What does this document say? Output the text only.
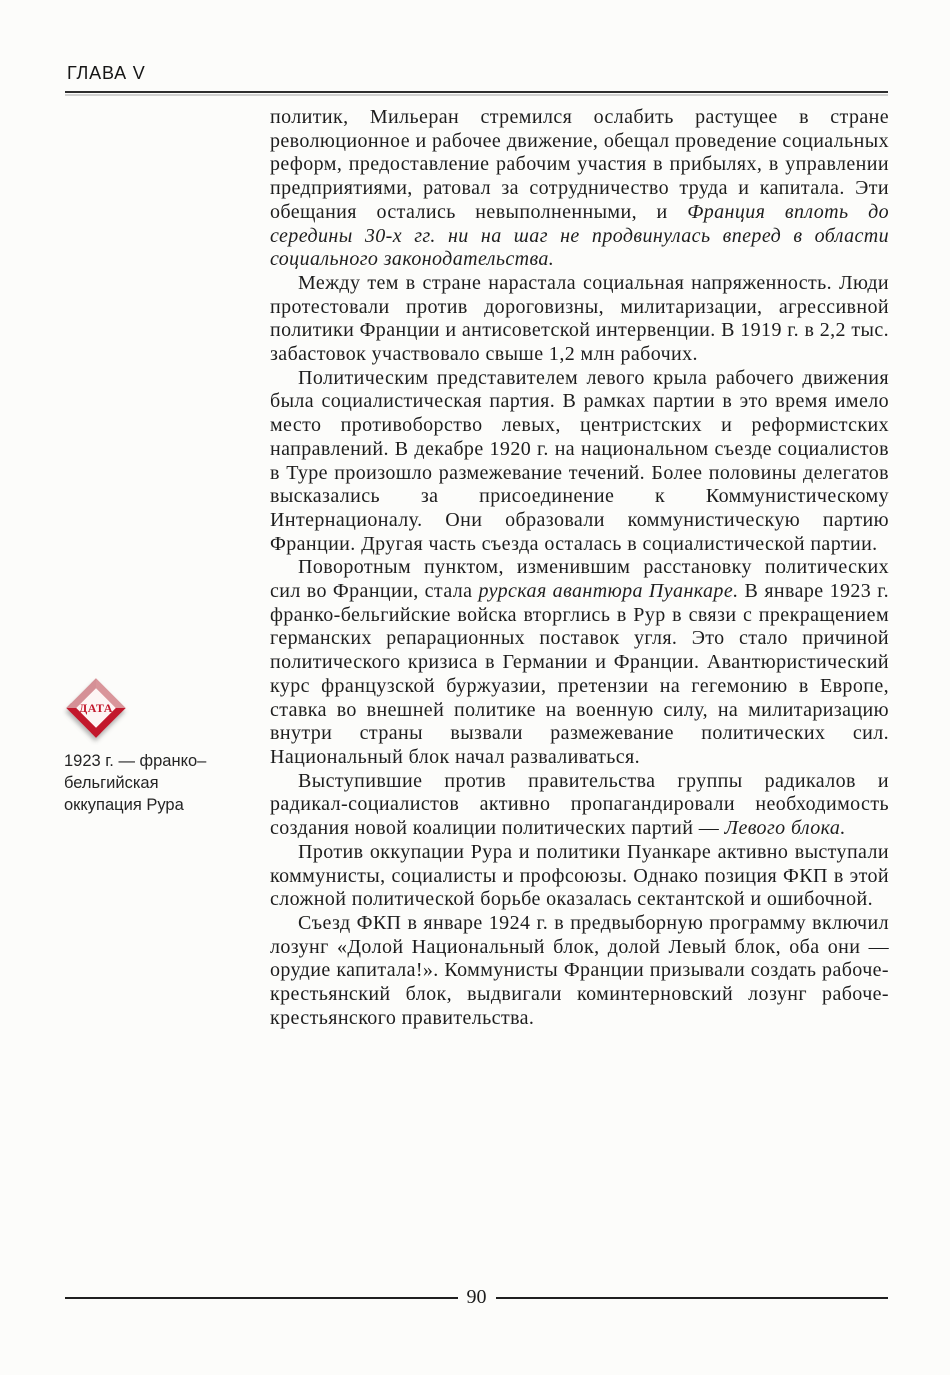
ГЛАВА V
ДАТА
1923 г. — франко–
бельгийская
оккупация Рура

политик, Мильеран стремился ослабить растущее в стране революционное и рабочее движение, обещал проведение социальных реформ, предоставление рабочим участия в прибылях, в управлении предприятиями, ратовал за сотрудничество труда и капитала. Эти обещания остались невыполненными, и Франция вплоть до середины 30-х гг. ни на шаг не продвинулась вперед в области социального законодательства.

Между тем в стране нарастала социальная напряженность. Люди протестовали против дороговизны, милитаризации, агрессивной политики Франции и антисоветской интервенции. В 1919 г. в 2,2 тыс. забастовок участвовало свыше 1,2 млн рабочих.

Политическим представителем левого крыла рабочего движения была социалистическая партия. В рамках партии в это время имело место противоборство левых, центристских и реформистских направлений. В декабре 1920 г. на национальном съезде социалистов в Туре произошло размежевание течений. Более половины делегатов высказались за присоединение к Коммунистическому Интернационалу. Они образовали коммунистическую партию Франции. Другая часть съезда осталась в социалистической партии.

Поворотным пунктом, изменившим расстановку политических сил во Франции, стала рурская авантюра Пуанкаре. В январе 1923 г. франко-бельгийские войска вторглись в Рур в связи с прекращением германских репарационных поставок угля. Это стало причиной политического кризиса в Германии и Франции. Авантюристический курс французской буржуазии, претензии на гегемонию в Европе, ставка во внешней политике на военную силу, на милитаризацию внутри страны вызвали размежевание политических сил. Национальный блок начал разваливаться.

Выступившие против правительства группы радикалов и радикал-социалистов активно пропагандировали необходимость создания новой коалиции политических партий — Левого блока.

Против оккупации Рура и политики Пуанкаре активно выступали коммунисты, социалисты и профсоюзы. Однако позиция ФКП в этой сложной политической борьбе оказалась сектантской и ошибочной.

Съезд ФКП в январе 1924 г. в предвыборную программу включил лозунг «Долой Национальный блок, долой Левый блок, оба они — орудие капитала!». Коммунисты Франции призывали создать рабоче-крестьянский блок, выдвигали коминтерновский лозунг рабоче-крестьянского правительства.

90
